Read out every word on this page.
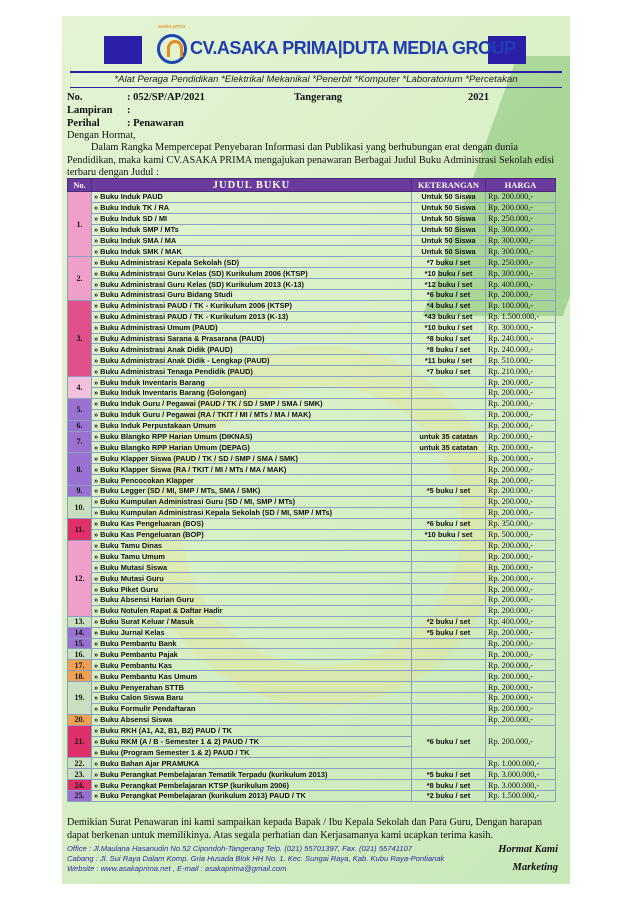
asaka prima
CV.ASAKA PRIMA|DUTA MEDIA GROUP
*Alat Peraga Pendidikan *Elektrikal Mekanikal *Penerbit *Komputer *Laboratorium *Percetakan
No.	: 052/SP/AP/2021	Tangerang	2021
Lampiran :
Perihal	: Penawaran
Dengan Hormat,
Dalam Rangka Mempercepat Penyebaran Informasi dan Publikasi yang berhubungan erat dengan dunia Pendidikan, maka kami CV.ASAKA PRIMA mengajukan penawaran Berbagai Judul Buku Administrasi Sekolah edisi terbaru dengan Judul :
No.	JUDUL BUKU	KETERANGAN	HARGA
1.	» Buku Induk PAUD	Untuk 50 Siswa	Rp. 200.000,-
	» Buku Induk TK / RA	Untuk 50 Siswa	Rp. 200.000,-
	» Buku Induk SD / MI	Untuk 50 Siswa	Rp. 250.000,-
	» Buku Induk SMP / MTs	Untuk 50 Siswa	Rp. 300.000,-
	» Buku Induk SMA / MA	Untuk 50 Siswa	Rp. 300.000,-
	» Buku Induk SMK / MAK	Untuk 50 Siswa	Rp. 300.000,-
2.	» Buku Administrasi Kepala Sekolah (SD)	*7 buku / set	Rp. 250.000,-
	» Buku Administrasi Guru Kelas (SD) Kurikulum 2006 (KTSP)	*10 buku / set	Rp. 300.000,-
	» Buku Administrasi Guru Kelas (SD) Kurikulum 2013 (K-13)	*12 buku / set	Rp. 400.000,-
	» Buku Administrasi Guru Bidang Studi	*6 buku / set	Rp. 200.000,-
3.	» Buku Administrasi PAUD / TK - Kurikulum 2006 (KTSP)	*4 buku / set	Rp. 100.000,-
	» Buku Administrasi PAUD / TK - Kurikulum 2013 (K-13)	*43 buku / set	Rp. 1.500.000,-
	» Buku Administrasi Umum (PAUD)	*10 buku / set	Rp. 300.000,-
	» Buku Administrasi Sarana & Prasarana (PAUD)	*8 buku / set	Rp. 240.000,-
	» Buku Administrasi Anak Didik (PAUD)	*8 buku / set	Rp. 240.000,-
	» Buku Administrasi Anak Didik - Lengkap (PAUD)	*11 buku / set	Rp. 510.000,-
	» Buku Administrasi Tenaga Pendidik (PAUD)	*7 buku / set	Rp. 210.000,-
4.	» Buku Induk Inventaris Barang		Rp. 200.000,-
	» Buku Induk Inventaris Barang (Golongan)		Rp. 200.000,-
5.	» Buku Induk Guru / Pegawai (PAUD / TK / SD / SMP / SMA / SMK)		Rp. 200.000,-
	» Buku Induk Guru / Pegawai (RA / TKIT / MI / MTs / MA / MAK)		Rp. 200.000,-
6.	» Buku Induk Perpustakaan Umum		Rp. 200.000,-
7.	» Buku Blangko RPP Harian Umum (DIKNAS)	untuk 35 catatan	Rp. 200.000,-
	» Buku Blangko RPP Harian Umum (DEPAG)	untuk 35 catatan	Rp. 200.000,-
8.	» Buku Klapper Siswa (PAUD / TK / SD / SMP / SMA / SMK)		Rp. 200.000,-
	» Buku Klapper Siswa (RA / TKIT / MI / MTs / MA / MAK)		Rp. 200.000,-
	» Buku Pencocokan Klapper		Rp. 200.000,-
9.	» Buku Legger (SD / MI, SMP / MTs, SMA / SMK)	*5 buku / set	Rp. 200.000,-
10.	» Buku Kumpulan Administrasi Guru (SD / MI, SMP / MTs)		Rp. 200.000,-
	» Buku Kumpulan Administrasi Kepala Sekolah (SD / MI, SMP / MTs)		Rp. 200.000,-
11.	» Buku Kas Pengeluaran (BOS)	*6 buku / set	Rp. 350.000,-
	» Buku Kas Pengeluaran (BOP)	*10 buku / set	Rp. 500.000,-
12.	» Buku Tamu Dinas		Rp. 200.000,-
	» Buku Tamu Umum		Rp. 200.000,-
	» Buku Mutasi Siswa		Rp. 200.000,-
	» Buku Mutasi Guru		Rp. 200.000,-
	» Buku Piket Guru		Rp. 200.000,-
	» Buku Absensi Harian Guru		Rp. 200.000,-
	» Buku Notulen Rapat & Daftar Hadir		Rp. 200.000,-
13.	» Buku Surat Keluar / Masuk	*2 buku / set	Rp. 400.000,-
14.	» Buku Jurnal Kelas	*5 buku / set	Rp. 200.000,-
15.	» Buku Pembantu Bank		Rp. 200.000,-
16.	» Buku Pembantu Pajak		Rp. 200.000,-
17.	» Buku Pembantu Kas		Rp. 200.000,-
18.	» Buku Pembantu Kas Umum		Rp. 200.000,-
19.	» Buku Penyerahan STTB		Rp. 200.000,-
	» Buku Calon Siswa Baru		Rp. 200.000,-
	» Buku Formulir Pendaftaran		Rp. 200.000,-
20.	» Buku Absensi Siswa		Rp. 200.000,-
21.	» Buku RKH (A1, A2, B1, B2) PAUD / TK	*6 buku / set	Rp. 200.000,-
	» Buku RKM (A / B - Semester 1 & 2) PAUD / TK		
	» Buku (Program Semester 1 & 2) PAUD / TK		
22.	» Buku Bahan Ajar PRAMUKA		Rp. 1.000.000,-
23.	» Buku Perangkat Pembelajaran Tematik Terpadu (kurikulum 2013)	*5 buku / set	Rp. 3.000.000,-
24.	» Buku Perangkat Pembelajaran KTSP (kurikulum 2006)	*8 buku / set	Rp. 3.000.000,-
25.	» Buku Perangkat Pembelajaran (kurikulum 2013) PAUD / TK	*2 buku / set	Rp. 1.500.000,-
Demikian Surat Penawaran ini kami sampaikan kepada Bapak / Ibu Kepala Sekolah dan Para Guru, Dengan harapan dapat berkenan untuk memilikinya. Atas segala perhatian dan Kerjasamanya kami ucapkan terima kasih.
Office : Jl.Maulana Hasanudin No.52 Cipondoh-Tangerang Telp. (021) 55701397, Fax. (021) 55741107
Cabang : Jl. Sui Raya Dalam Komp. Gria Husada Blok HH No. 1. Kec. Sungai Raya, Kab. Kubu Raya-Pontianak
Website : www.asakaprima.net , E-mail : asakaprima@gmail.com
Hormat Kami
Marketing
